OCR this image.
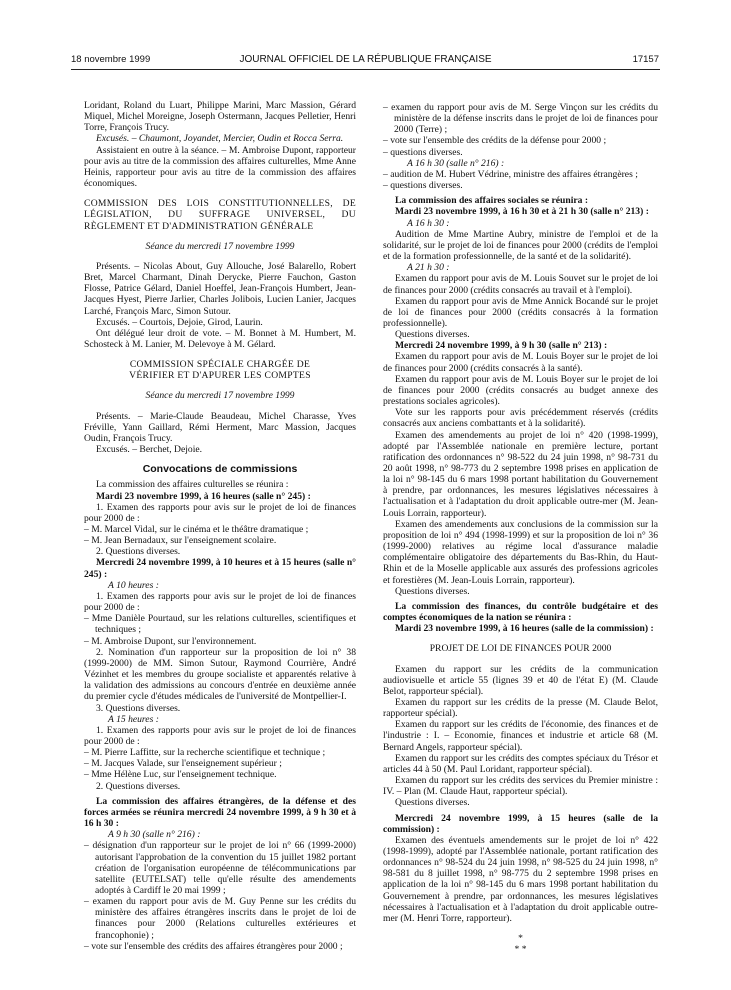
18 novembre 1999	JOURNAL OFFICIEL DE LA RÉPUBLIQUE FRANÇAISE	17157

Loridant, Roland du Luart, Philippe Marini, Marc Massion, Gérard Miquel, Michel Moreigne, Joseph Ostermann, Jacques Pelletier, Henri Torre, François Trucy.

Excusés. – Chaumont, Joyandet, Mercier, Oudin et Rocca Serra.

Assistaient en outre à la séance. – M. Ambroise Dupont, rapporteur pour avis au titre de la commission des affaires culturelles, Mme Anne Heinis, rapporteur pour avis au titre de la commission des affaires économiques.

COMMISSION DES LOIS CONSTITUTIONNELLES, DE LÉGISLATION, DU SUFFRAGE UNIVERSEL, DU RÈGLEMENT ET D'ADMINISTRATION GÉNÉRALE

Séance du mercredi 17 novembre 1999

Présents. – Nicolas About, Guy Allouche, José Balarello, Robert Bret, Marcel Charmant, Dinah Derycke, Pierre Fauchon, Gaston Flosse, Patrice Gélard, Daniel Hoeffel, Jean-François Humbert, Jean-Jacques Hyest, Pierre Jarlier, Charles Jolibois, Lucien Lanier, Jacques Larché, François Marc, Simon Sutour.

Excusés. – Courtois, Dejoie, Girod, Laurin.

Ont délégué leur droit de vote. – M. Bonnet à M. Humbert, M. Schosteck à M. Lanier, M. Delevoye à M. Gélard.

COMMISSION SPÉCIALE CHARGÉE DE VÉRIFIER ET D'APURER LES COMPTES

Séance du mercredi 17 novembre 1999

Présents. – Marie-Claude Beaudeau, Michel Charasse, Yves Fréville, Yann Gaillard, Rémi Herment, Marc Massion, Jacques Oudin, François Trucy.

Excusés. – Berchet, Dejoie.

Convocations de commissions

La commission des affaires culturelles se réunira :

Mardi 23 novembre 1999, à 16 heures (salle n° 245) :

1. Examen des rapports pour avis sur le projet de loi de finances pour 2000 de :

– M. Marcel Vidal, sur le cinéma et le théâtre dramatique ;

– M. Jean Bernadaux, sur l'enseignement scolaire.

2. Questions diverses.

Mercredi 24 novembre 1999, à 10 heures et à 15 heures (salle n° 245) :

A 10 heures :

1. Examen des rapports pour avis sur le projet de loi de finances pour 2000 de :

– Mme Danièle Pourtaud, sur les relations culturelles, scientifiques et techniques ;

– M. Ambroise Dupont, sur l'environnement.

2. Nomination d'un rapporteur sur la proposition de loi n° 38 (1999-2000) de MM. Simon Sutour, Raymond Courrière, André Vézinhet et les membres du groupe socialiste et apparentés relative à la validation des admissions au concours d'entrée en deuxième année du premier cycle d'études médicales de l'université de Montpellier-I.

3. Questions diverses.

A 15 heures :

1. Examen des rapports pour avis sur le projet de loi de finances pour 2000 de :

– M. Pierre Laffitte, sur la recherche scientifique et technique ;

– M. Jacques Valade, sur l'enseignement supérieur ;

– Mme Hélène Luc, sur l'enseignement technique.

2. Questions diverses.

La commission des affaires étrangères, de la défense et des forces armées se réunira mercredi 24 novembre 1999, à 9 h 30 et à 16 h 30 :

A 9 h 30 (salle n° 216) :

– désignation d'un rapporteur sur le projet de loi n° 66 (1999-2000) autorisant l'approbation de la convention du 15 juillet 1982 portant création de l'organisation européenne de télécommunications par satellite (EUTELSAT) telle qu'elle résulte des amendements adoptés à Cardiff le 20 mai 1999 ;

– examen du rapport pour avis de M. Guy Penne sur les crédits du ministère des affaires étrangères inscrits dans le projet de loi de finances pour 2000 (Relations culturelles extérieures et francophonie) ;

– vote sur l'ensemble des crédits des affaires étrangères pour 2000 ;

– examen du rapport pour avis de M. Serge Vinçon sur les crédits du ministère de la défense inscrits dans le projet de loi de finances pour 2000 (Terre) ;

– vote sur l'ensemble des crédits de la défense pour 2000 ;

– questions diverses.

A 16 h 30 (salle n° 216) :

– audition de M. Hubert Védrine, ministre des affaires étrangères ;

– questions diverses.

La commission des affaires sociales se réunira :

Mardi 23 novembre 1999, à 16 h 30 et à 21 h 30 (salle n° 213) :

A 16 h 30 :

Audition de Mme Martine Aubry, ministre de l'emploi et de la solidarité, sur le projet de loi de finances pour 2000 (crédits de l'emploi et de la formation professionnelle, de la santé et de la solidarité).

A 21 h 30 :

Examen du rapport pour avis de M. Louis Souvet sur le projet de loi de finances pour 2000 (crédits consacrés au travail et à l'emploi).

Examen du rapport pour avis de Mme Annick Bocandé sur le projet de loi de finances pour 2000 (crédits consacrés à la formation professionnelle).

Questions diverses.

Mercredi 24 novembre 1999, à 9 h 30 (salle n° 213) :

Examen du rapport pour avis de M. Louis Boyer sur le projet de loi de finances pour 2000 (crédits consacrés à la santé).

Examen du rapport pour avis de M. Louis Boyer sur le projet de loi de finances pour 2000 (crédits consacrés au budget annexe des prestations sociales agricoles).

Vote sur les rapports pour avis précédemment réservés (crédits consacrés aux anciens combattants et à la solidarité).

Examen des amendements au projet de loi n° 420 (1998-1999), adopté par l'Assemblée nationale en première lecture, portant ratification des ordonnances n° 98-522 du 24 juin 1998, n° 98-731 du 20 août 1998, n° 98-773 du 2 septembre 1998 prises en application de la loi n° 98-145 du 6 mars 1998 portant habilitation du Gouvernement à prendre, par ordonnances, les mesures législatives nécessaires à l'actualisation et à l'adaptation du droit applicable outre-mer (M. Jean-Louis Lorrain, rapporteur).

Examen des amendements aux conclusions de la commission sur la proposition de loi n° 494 (1998-1999) et sur la proposition de loi n° 36 (1999-2000) relatives au régime local d'assurance maladie complémentaire obligatoire des départements du Bas-Rhin, du Haut-Rhin et de la Moselle applicable aux assurés des professions agricoles et forestières (M. Jean-Louis Lorrain, rapporteur).

Questions diverses.

La commission des finances, du contrôle budgétaire et des comptes économiques de la nation se réunira :

Mardi 23 novembre 1999, à 16 heures (salle de la commission) :

PROJET DE LOI DE FINANCES POUR 2000

Examen du rapport sur les crédits de la communication audiovisuelle et article 55 (lignes 39 et 40 de l'état E) (M. Claude Belot, rapporteur spécial).

Examen du rapport sur les crédits de la presse (M. Claude Belot, rapporteur spécial).

Examen du rapport sur les crédits de l'économie, des finances et de l'industrie : I. – Economie, finances et industrie et article 68 (M. Bernard Angels, rapporteur spécial).

Examen du rapport sur les crédits des comptes spéciaux du Trésor et articles 44 à 50 (M. Paul Loridant, rapporteur spécial).

Examen du rapport sur les crédits des services du Premier ministre : IV. – Plan (M. Claude Haut, rapporteur spécial).

Questions diverses.

Mercredi 24 novembre 1999, à 15 heures (salle de la commission) :

Examen des éventuels amendements sur le projet de loi n° 422 (1998-1999), adopté par l'Assemblée nationale, portant ratification des ordonnances n° 98-524 du 24 juin 1998, n° 98-525 du 24 juin 1998, n° 98-581 du 8 juillet 1998, n° 98-775 du 2 septembre 1998 prises en application de la loi n° 98-145 du 6 mars 1998 portant habilitation du Gouvernement à prendre, par ordonnances, les mesures législatives nécessaires à l'actualisation et à l'adaptation du droit applicable outre-mer (M. Henri Torre, rapporteur).

*

* *
